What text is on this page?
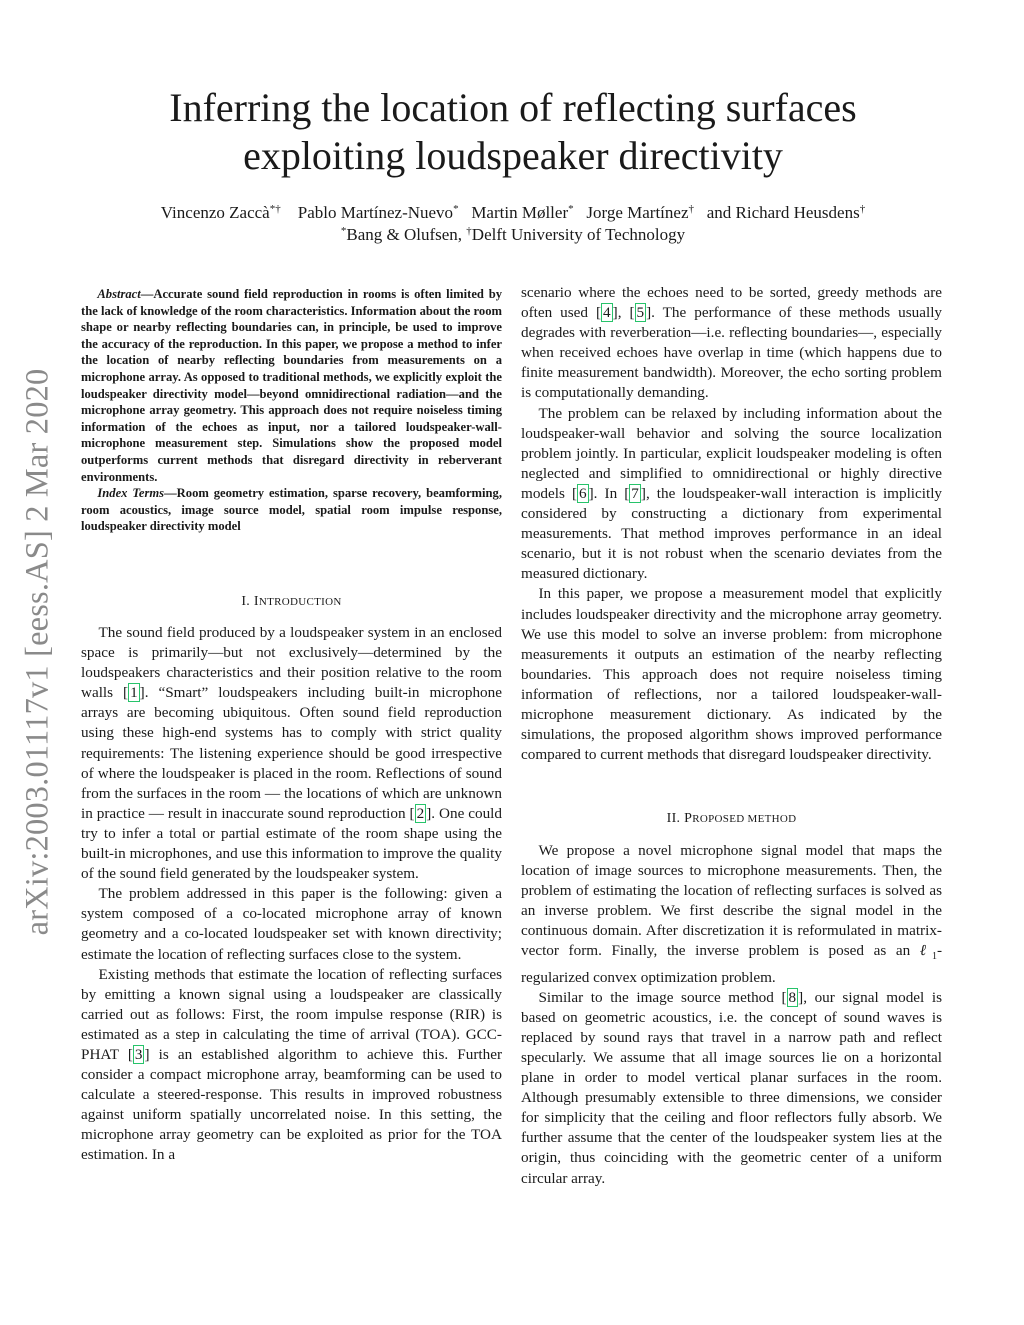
arXiv:2003.01117v1 [eess.AS] 2 Mar 2020
Inferring the location of reflecting surfaces exploiting loudspeaker directivity
Vincenzo Zaccà*† Pablo Martínez-Nuevo* Martin Møller* Jorge Martínez† and Richard Heusdens†
*Bang & Olufsen, †Delft University of Technology

Abstract—Accurate sound field reproduction in rooms is often limited by the lack of knowledge of the room characteristics. Information about the room shape or nearby reflecting boundaries can, in principle, be used to improve the accuracy of the reproduction. In this paper, we propose a method to infer the location of nearby reflecting boundaries from measurements on a microphone array. As opposed to traditional methods, we explicitly exploit the loudspeaker directivity model—beyond omnidirectional radiation—and the microphone array geometry. This approach does not require noiseless timing information of the echoes as input, nor a tailored loudspeaker-wall-microphone measurement step. Simulations show the proposed model outperforms current methods that disregard directivity in reberverant environments.

Index Terms—Room geometry estimation, sparse recovery, beamforming, room acoustics, image source model, spatial room impulse response, loudspeaker directivity model

I. INTRODUCTION

The sound field produced by a loudspeaker system in an enclosed space is primarily—but not exclusively—determined by the loudspeakers characteristics and their position relative to the room walls [ 1 ]. “Smart” loudspeakers including built-in microphone arrays are becoming ubiquitous. Often sound field reproduction using these high-end systems has to comply with strict quality requirements: The listening experience should be good irrespective of where the loudspeaker is placed in the room. Reflections of sound from the surfaces in the room — the locations of which are unknown in practice — result in inaccurate sound reproduction [ 2 ]. One could try to infer a total or partial estimate of the room shape using the built-in microphones, and use this information to improve the quality of the sound field generated by the loudspeaker system.

The problem addressed in this paper is the following: given a system composed of a co-located microphone array of known geometry and a co-located loudspeaker set with known directivity; estimate the location of reflecting surfaces close to the system.

Existing methods that estimate the location of reflecting surfaces by emitting a known signal using a loudspeaker are classically carried out as follows: First, the room impulse response (RIR) is estimated as a step in calculating the time of arrival (TOA). GCC-PHAT [ 3 ] is an established algorithm to achieve this. Further consider a compact microphone array, beamforming can be used to calculate a steered-response. This results in improved robustness against uniform spatially uncorrelated noise. In this setting, the microphone array geometry can be exploited as prior for the TOA estimation. In a

scenario where the echoes need to be sorted, greedy methods are often used [ 4 ], [ 5 ]. The performance of these methods usually degrades with reverberation—i.e. reflecting boundaries—, especially when received echoes have overlap in time (which happens due to finite measurement bandwidth). Moreover, the echo sorting problem is computationally demanding.

The problem can be relaxed by including information about the loudspeaker-wall behavior and solving the source localization problem jointly. In particular, explicit loudspeaker modeling is often neglected and simplified to omnidirectional or highly directive models [ 6 ]. In [ 7 ], the loudspeaker-wall interaction is implicitly considered by constructing a dictionary from experimental measurements. That method improves performance in an ideal scenario, but it is not robust when the scenario deviates from the measured dictionary.

In this paper, we propose a measurement model that explicitly includes loudspeaker directivity and the microphone array geometry. We use this model to solve an inverse problem: from microphone measurements it outputs an estimation of the nearby reflecting boundaries. This approach does not require noiseless timing information of reflections, nor a tailored loudspeaker-wall-microphone measurement dictionary. As indicated by the simulations, the proposed algorithm shows improved performance compared to current methods that disregard loudspeaker directivity.

II. PROPOSED METHOD

We propose a novel microphone signal model that maps the location of image sources to microphone measurements. Then, the problem of estimating the location of reflecting surfaces is solved as an inverse problem. We first describe the signal model in the continuous domain. After discretization it is reformulated in matrix-vector form. Finally, the inverse problem is posed as an ℓ$_1$-regularized convex optimization problem.

Similar to the image source method [ 8 ], our signal model is based on geometric acoustics, i.e. the concept of sound waves is replaced by sound rays that travel in a narrow path and reflect specularly. We assume that all image sources lie on a horizontal plane in order to model vertical planar surfaces in the room. Although presumably extensible to three dimensions, we consider for simplicity that the ceiling and floor reflectors fully absorb. We further assume that the center of the loudspeaker system lies at the origin, thus coinciding with the geometric center of a uniform circular array.
